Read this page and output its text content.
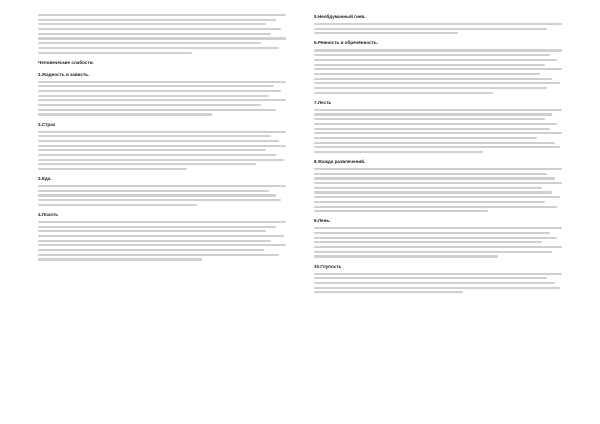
Человеческие слабости.
1.Жадность и зависть.
2.Страх
3.Еда.
4.Похоть
5.Необдуманный гнев.
6.Ревность и обречённость.
7.Лесть
8.Жажда развлечений.
9.Лень.
10.Глупость
